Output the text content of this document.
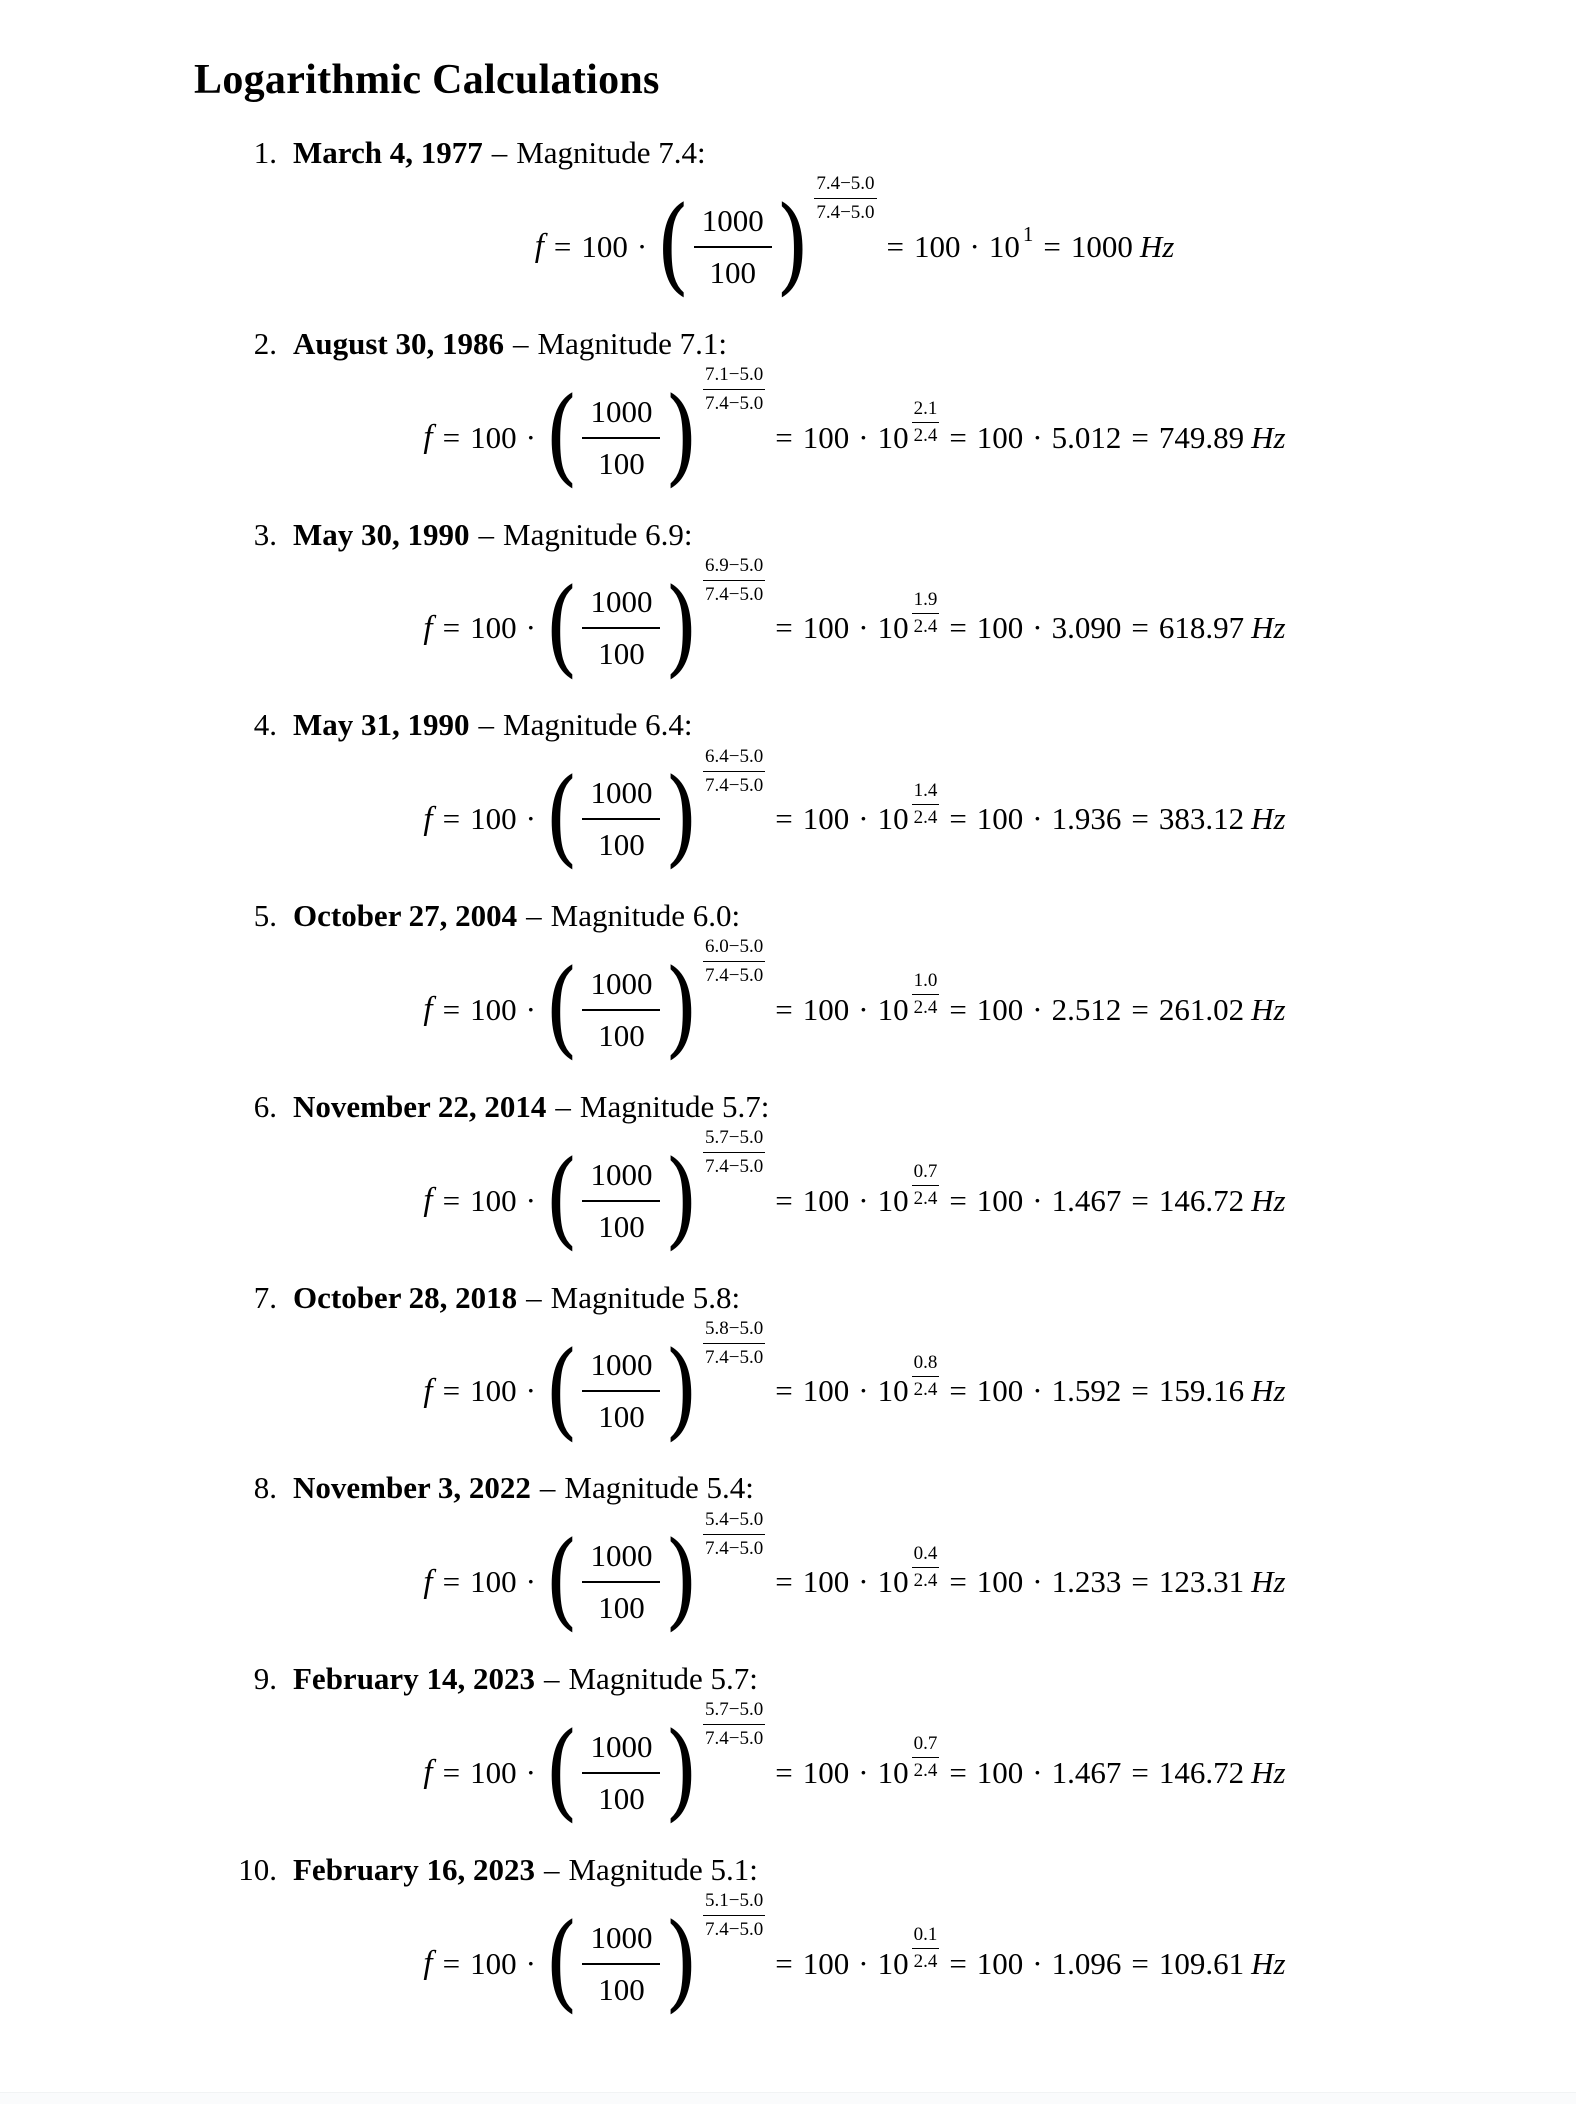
Logarithmic Calculations
1. March 4, 1977 – Magnitude 7.4:
f = 100 · ( $\frac{1000}{100}$ ) $\frac{7.4-5.0}{7.4-5.0}$
= 100 · 10 1 = 1000 Hz
2. August 30, 1986 – Magnitude 7.1:
f = 100 · ( $\frac{1000}{100}$ ) $\frac{7.1-5.0}{7.4-5.0}$
= $100 \cdot 10 \frac{2.1}{2.4} = 100 \cdot 5.012 = 749.89$ Hz
3. May 30, 1990 – Magnitude 6.9:
f = 100 · ( $\frac{1000}{100}$ ) $\frac{6.9-5.0}{7.4-5.0}$
= $100 \cdot 10 \frac{1.9}{2.4} = 100 \cdot 3.090 = 618.97$ Hz
4. May 31, 1990 – Magnitude 6.4:
f = 100 · ( $\frac{1000}{100}$ ) $\frac{6.4-5.0}{7.4-5.0}$
= $100 \cdot 10 \frac{1.4}{2.4} = 100 \cdot 1.936 = 383.12$ Hz
5. October 27, 2004 – Magnitude 6.0:
f = 100 · ( $\frac{1000}{100}$ ) $\frac{6.0-5.0}{7.4-5.0}$
= $100 \cdot 10 \frac{1.0}{2.4} = 100 \cdot 2.512 = 261.02$ Hz
6. November 22, 2014 – Magnitude 5.7:
f = 100 · ( $\frac{1000}{100}$ ) $\frac{5.7-5.0}{7.4-5.0}$
= $100 \cdot 10 \frac{0.7}{2.4} = 100 \cdot 1.467 = 146.72$ Hz
7. October 28, 2018 – Magnitude 5.8:
f = 100 · ( $\frac{1000}{100}$ ) $\frac{5.8-5.0}{7.4-5.0}$
= $100 \cdot 10 \frac{0.8}{2.4} = 100 \cdot 1.592 = 159.16$ Hz
8. November 3, 2022 – Magnitude 5.4:
f = 100 · ( $\frac{1000}{100}$ ) $\frac{5.4-5.0}{7.4-5.0}$
= $100 \cdot 10 \frac{0.4}{2.4} = 100 \cdot 1.233 = 123.31$ Hz
9. February 14, 2023 – Magnitude 5.7:
f = 100 · ( $\frac{1000}{100}$ ) $\frac{5.7-5.0}{7.4-5.0}$
= $100 \cdot 10 \frac{0.7}{2.4} = 100 \cdot 1.467 = 146.72$ Hz
10. February 16, 2023 – Magnitude 5.1:
f = 100 · ( $\frac{1000}{100}$ ) $\frac{5.1-5.0}{7.4-5.0}$
= $100 \cdot 10 \frac{0.1}{2.4} = 100 \cdot 1.096 = 109.61$ Hz
